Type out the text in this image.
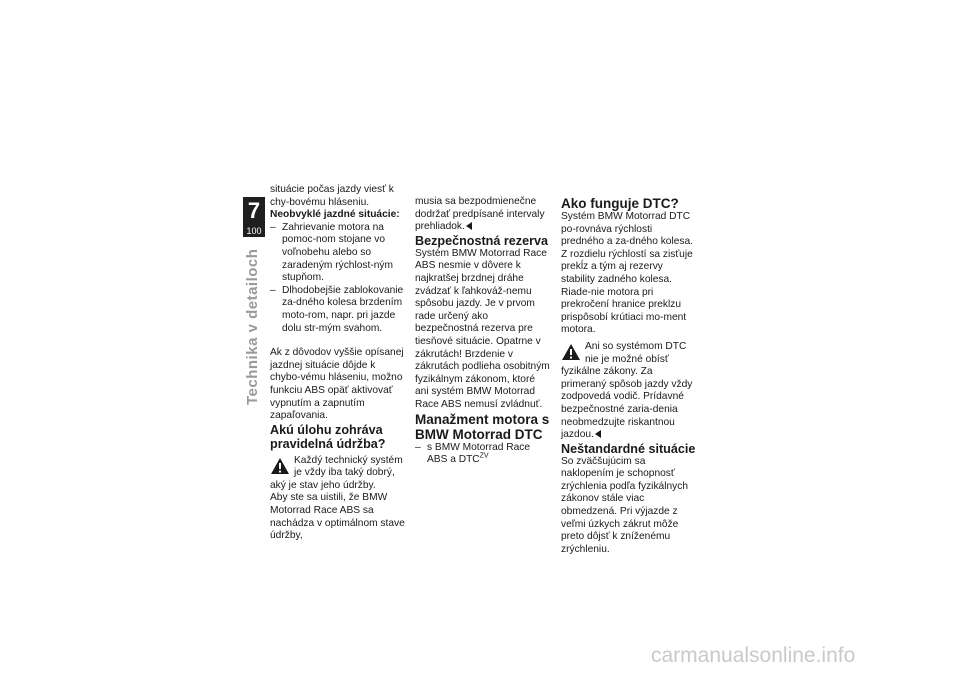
7
100
Technika v detailoch

situácie počas jazdy viesť k chy-bovému hláseniu.

Neobvyklé jazdné situácie:

– Zahrievanie motora na pomoc-nom stojane vo voľnobehu alebo so zaradeným rýchlost-ným stupňom.
– Dlhodobejšie zablokovanie za-dného kolesa brzdením moto-rom, napr. pri jazde dolu str-mým svahom.

Ak z dôvodov vyššie opísanej jazdnej situácie dôjde k chybo-vému hláseniu, možno funkciu ABS opäť aktivovať vypnutím a zapnutím zapaľovania.

Akú úlohu zohráva pravidelná údržba?

Každý technický systém je vždy iba taký dobrý, aký je stav jeho údržby.

Aby ste sa uistili, že BMW Motorrad Race ABS sa nachádza v optimálnom stave údržby,

musia sa bezpodmienečne dodržať predpísané intervaly prehliadok.

Bezpečnostná rezerva

Systém BMW Motorrad Race ABS nesmie v dôvere k najkratšej brzdnej dráhe zvádzať k ľahkováž-nemu spôsobu jazdy. Je v prvom rade určený ako bezpečnostná rezerva pre tiesňové situácie. Opatrne v zákrutách! Brzdenie v zákrutách podlieha osobitným fyzikálnym zákonom, ktoré ani systém BMW Motorrad Race ABS nemusí zvládnuť.

Manažment motora s BMW Motorrad DTC

– s BMW Motorrad Race ABS a $DTC^{ZV}$

Ako funguje DTC?

Systém BMW Motorrad DTC po-rovnáva rýchlosti predného a za-dného kolesa. Z rozdielu rýchlostí sa zisťuje prekĺz a tým aj rezervy stability zadného kolesa. Riade-nie motora pri prekročení hranice preklzu prispôsobí krútiaci mo-ment motora.

Ani so systémom DTC nie je možné obísť fyzikálne zákony. Za primeraný spôsob jazdy vždy zodpovedá vodič. Prídavné bezpečnostné zaria-denia neobmedzujte riskantnou jazdou.

Neštandardné situácie

So zväčšujúcim sa naklopením je schopnosť zrýchlenia podľa fyzikálnych zákonov stále viac obmedzená. Pri výjazde z veľmi úzkych zákrut môže preto dôjsť k zníženému zrýchleniu.

carmanualsonline.info
